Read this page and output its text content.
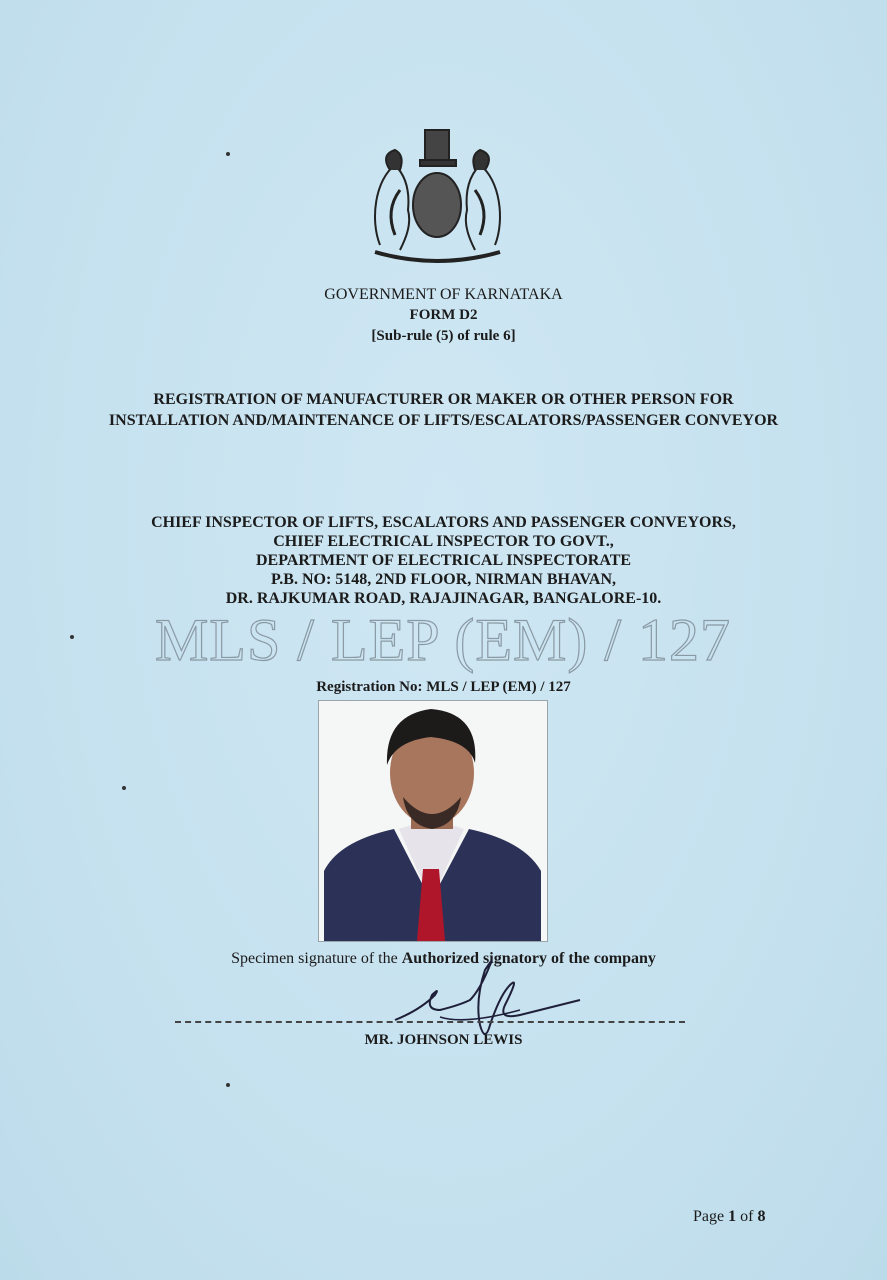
GOVERNMENT OF KARNATAKA
FORM D2
[Sub-rule (5) of rule 6]
REGISTRATION OF MANUFACTURER OR MAKER OR OTHER PERSON FOR INSTALLATION AND/MAINTENANCE OF LIFTS/ESCALATORS/PASSENGER CONVEYOR
CHIEF INSPECTOR OF LIFTS, ESCALATORS AND PASSENGER CONVEYORS,
CHIEF ELECTRICAL INSPECTOR TO GOVT.,
DEPARTMENT OF ELECTRICAL INSPECTORATE
P.B. NO: 5148, 2ND FLOOR, NIRMAN BHAVAN,
DR. RAJKUMAR ROAD, RAJAJINAGAR, BANGALORE-10.
MLS / LEP (EM) / 127
Registration No: MLS / LEP (EM) / 127
Specimen signature of the Authorized signatory of the company
MR. JOHNSON LEWIS
Page 1 of 8
